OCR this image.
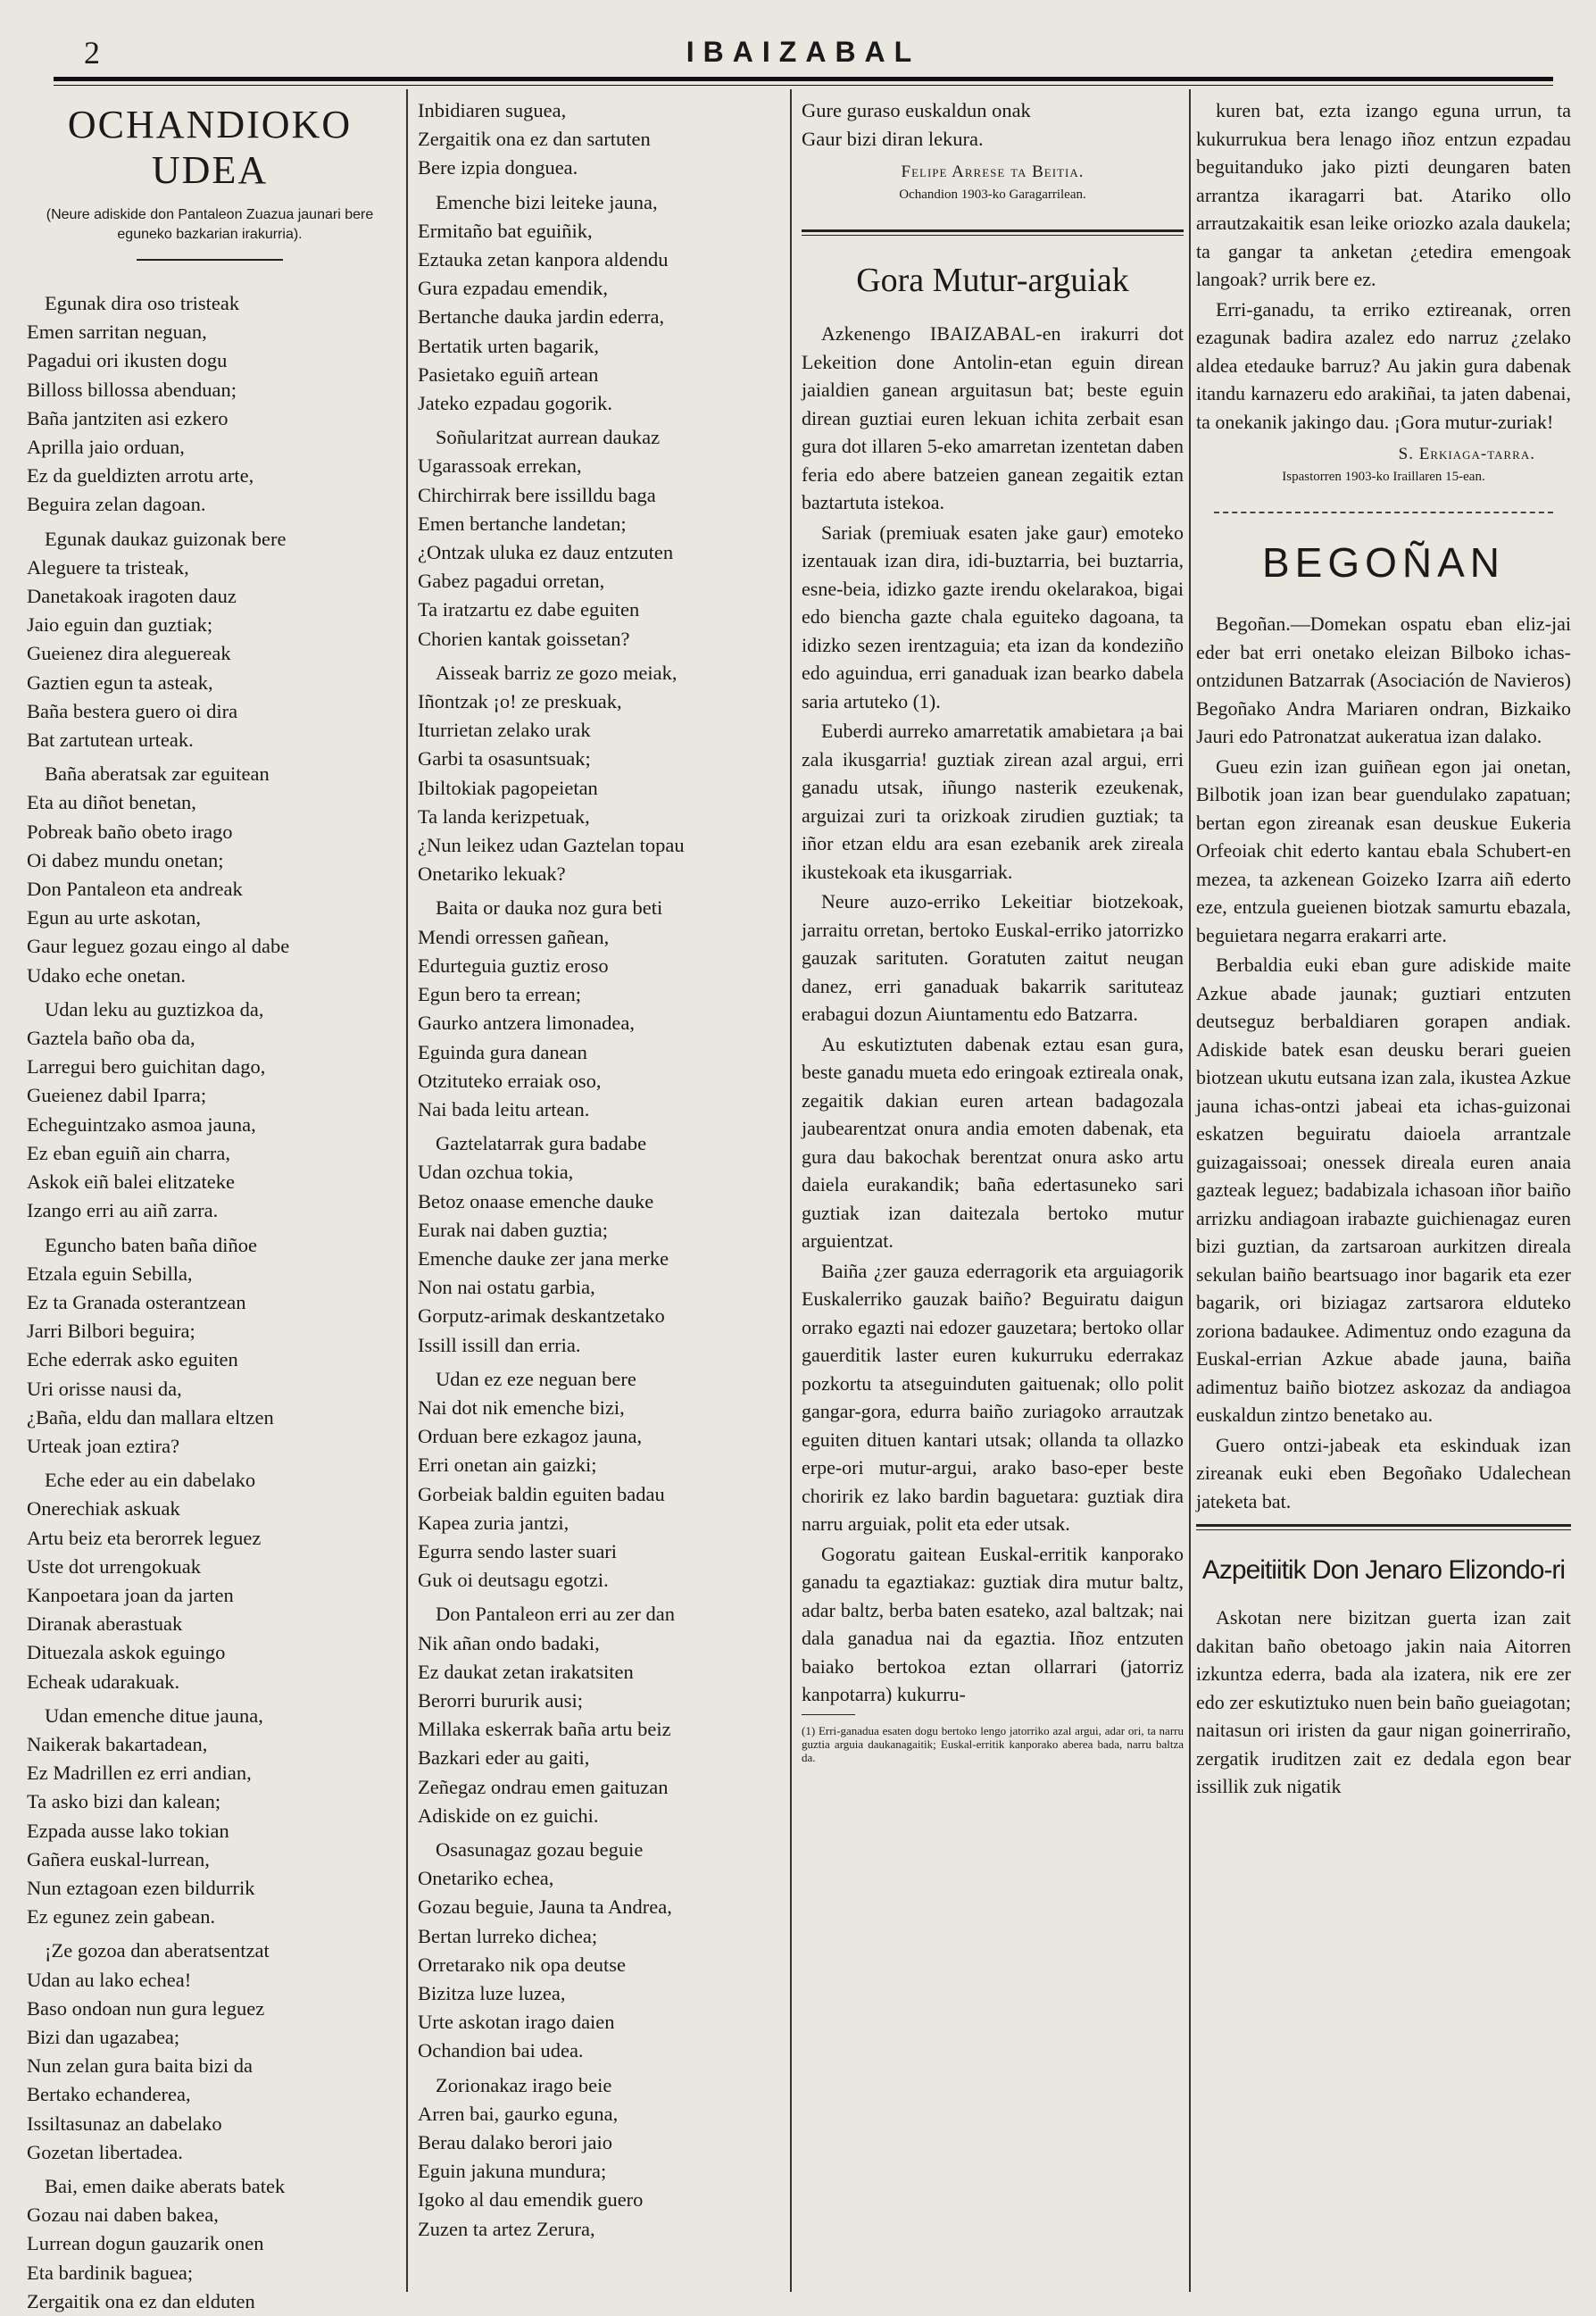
2	IBAIZABAL
OCHANDIOKO UDEA
(Neure adiskide don Pantaleon Zuazua jaunari bere eguneko bazkarian irakurria).

Egunak dira oso tristeak
Emen sarritan neguan,
Pagadui ori ikusten dogu
Billoss billossa abenduan;
Baña jantziten asi ezkero
Aprilla jaio orduan,
Ez da gueldizten arrotu arte,
Beguira zelan dagoan.

Egunak daukaz guizonak bere
Aleguere ta tristeak,
Danetakoak iragoten dauz
Jaio eguin dan guztiak;
Gueienez dira aleguereak
Gaztien egun ta asteak,
Baña bestera guero oi dira
Bat zartutean urteak.

Baña aberatsak zar eguitean
Eta au diñot benetan,
Pobreak baño obeto irago
Oi dabez mundu onetan;
Don Pantaleon eta andreak
Egun au urte askotan,
Gaur leguez gozau eingo al dabe
Udako eche onetan.

Udan leku au guztizkoa da,
Gaztela baño oba da,
Larregui bero guichitan dago,
Gueienez dabil Iparra;
Echeguintzako asmoa jauna,
Ez eban eguiñ ain charra,
Askok eiñ balei elitzateke
Izango erri au aiñ zarra.

Eguncho baten baña diñoe
Etzala eguin Sebilla,
Ez ta Granada osterantzean
Jarri Bilbori beguira;
Eche ederrak asko eguiten
Uri orisse nausi da,
¿Baña, eldu dan mallara eltzen
Urteak joan eztira?

Eche eder au ein dabelako
Onerechiak askuak
Artu beiz eta berorrek leguez
Uste dot urrengokuak
Kanpoetara joan da jarten
Diranak aberastuak
Dituezala askok eguingo
Echeak udarakuak.

Udan emenche ditue jauna,
Naikerak bakartadean,
Ez Madrillen ez erri andian,
Ta asko bizi dan kalean;
Ezpada ausse lako tokian
Gañera euskal-lurrean,
Nun eztagoan ezen bildurrik
Ez egunez zein gabean.

¡Ze gozoa dan aberatsentzat
Udan au lako echea!
Baso ondoan nun gura leguez
Bizi dan ugazabea;
Nun zelan gura baita bizi da
Bertako echanderea,
Issiltasunaz an dabelako
Gozetan libertadea.

Bai, emen daike aberats batek
Gozau nai daben bakea,
Lurrean dogun gauzarik onen
Eta bardinik baguea;
Zergaitik ona ez dan elduten

Inbidiaren suguea,
Zergaitik ona ez dan sartuten
Bere izpia donguea.

Emenche bizi leiteke jauna,
Ermitaño bat eguiñik,
Eztauka zetan kanpora aldendu
Gura ezpadau emendik,
Bertanche dauka jardin ederra,
Bertatik urten bagarik,
Pasietako eguiñ artean
Jateko ezpadau gogorik.

Soñularitzat aurrean daukaz
Ugarassoak errekan,
Chirchirrak bere issilldu baga
Emen bertanche landetan;
¿Ontzak uluka ez dauz entzuten
Gabez pagadui orretan,
Ta iratzartu ez dabe eguiten
Chorien kantak goissetan?

Aisseak barriz ze gozo meiak,
Iñontzak ¡o! ze preskuak,
Iturrietan zelako urak
Garbi ta osasuntsuak;
Ibiltokiak pagopeietan
Ta landa kerizpetuak,
¿Nun leikez udan Gaztelan topau
Onetariko lekuak?

Baita or dauka noz gura beti
Mendi orressen gañean,
Edurteguia guztiz eroso
Egun bero ta errean;
Gaurko antzera limonadea,
Eguinda gura danean
Otzituteko erraiak oso,
Nai bada leitu artean.

Gaztelatarrak gura badabe
Udan ozchua tokia,
Betoz onaase emenche dauke
Eurak nai daben guztia;
Emenche dauke zer jana merke
Non nai ostatu garbia,
Gorputz-arimak deskantzetako
Issill issill dan erria.

Udan ez eze neguan bere
Nai dot nik emenche bizi,
Orduan bere ezkagoz jauna,
Erri onetan ain gaizki;
Gorbeiak baldin eguiten badau
Kapea zuria jantzi,
Egurra sendo laster suari
Guk oi deutsagu egotzi.

Don Pantaleon erri au zer dan
Nik añan ondo badaki,
Ez daukat zetan irakatsiten
Berorri bururik ausi;
Millaka eskerrak baña artu beiz
Bazkari eder au gaiti,
Zeñegaz ondrau emen gaituzan
Adiskide on ez guichi.

Osasunagaz gozau beguie
Onetariko echea,
Gozau beguie, Jauna ta Andrea,
Bertan lurreko dichea;
Orretarako nik opa deutse
Bizitza luze luzea,
Urte askotan irago daien
Ochandion bai udea.

Zorionakaz irago beie
Arren bai, gaurko eguna,
Berau dalako berori jaio
Eguin jakuna mundura;
Igoko al dau emendik guero
Zuzen ta artez Zerura,

Gure guraso euskaldun onak
Gaur bizi diran lekura.

Felipe Arrese ta Beitia.
Ochandion 1903-ko Garagarrilean.
Gora Mutur-arguiak

Azkenengo IBAIZABAL-en irakurri dot Lekeition done Antolin-etan eguin direan jaialdien ganean arguitasun bat; beste eguin direan guztiai euren lekuan ichita zerbait esan gura dot illaren 5-eko amarretan izentetan daben feria edo abere batzeien ganean zegaitik eztan baztartuta istekoa.

Sariak (premiuak esaten jake gaur) emoteko izentauak izan dira, idi-buztarria, bei buztarria, esne-beia, idizko gazte irendu okelarakoa, bigai edo biencha gazte chala eguiteko dagoana, ta idizko sezen irentzaguia; eta izan da kondeziño edo aguindua, erri ganaduak izan bearko dabela saria artuteko (1).

Euberdi aurreko amarretatik amabietara ¡a bai zala ikusgarria! guztiak zirean azal argui, erri ganadu utsak, iñungo nasterik ezeukenak, arguizai zuri ta orizkoak zirudien guztiak; ta iñor etzan eldu ara esan ezebanik arek zireala ikustekoak eta ikusgarriak.

Neure auzo-erriko Lekeitiar biotzekoak, jarraitu orretan, bertoko Euskal-erriko jatorrizko gauzak sarituten. Goratuten zaitut neugan danez, erri ganaduak bakarrik sarituteaz erabagui dozun Aiuntamentu edo Batzarra.

Au eskutiztuten dabenak eztau esan gura, beste ganadu mueta edo eringoak eztireala onak, zegaitik dakian euren artean badagozala jaubearentzat onura andia emoten dabenak, eta gura dau bakochak berentzat onura asko artu daiela eurakandik; baña edertasuneko sari guztiak izan daitezala bertoko mutur arguientzat.

Baiña ¿zer gauza ederragorik eta arguiagorik Euskalerriko gauzak baiño? Beguiratu daigun orrako egazti nai edozer gauzetara; bertoko ollar gauerditik laster euren kukurruku ederrakaz pozkortu ta atseguinduten gaituenak; ollo polit gangar-gora, edurra baiño zuriagoko arrautzak eguiten dituen kantari utsak; ollanda ta ollazko erpe-ori mutur-argui, arako baso-eper beste choririk ez lako bardin baguetara: guztiak dira narru arguiak, polit eta eder utsak.

Gogoratu gaitean Euskal-erritik kanporako ganadu ta egaztiakaz: guztiak dira mutur baltz, adar baltz, berba baten esateko, azal baltzak; nai dala ganadua nai da egaztia. Iñoz entzuten baiako bertokoa eztan ollarrari (jatorriz kanpotarra) kukurru-

(1) Erri-ganadua esaten dogu bertoko lengo jatorriko azal argui, adar ori, ta narru guztia arguia daukanagaitik; Euskal-erritik kanporako aberea bada, narru baltza da.

kuren bat, ezta izango eguna urrun, ta kukurrukua bera lenago iñoz entzun ezpadau beguitanduko jako pizti deungaren baten arrantza ikaragarri bat. Atariko ollo arrautzakaitik esan leike oriozko azala daukela; ta gangar ta anketan ¿etedira emengoak langoak? urrik bere ez.

Erri-ganadu, ta erriko eztireanak, orren ezagunak badira azalez edo narruz ¿zelako aldea etedauke barruz? Au jakin gura dabenak itandu karnazeru edo arakiñai, ta jaten dabenai, ta onekanik jakingo dau. ¡Gora mutur-zuriak!

S. Erkiaga-tarra.
Ispastorren 1903-ko Iraillaren 15-ean.
BEGOÑAN

Begoñan.—Domekan ospatu eban eliz-jai eder bat erri onetako eleizan Bilboko ichas-ontzidunen Batzarrak (Asociación de Navieros) Begoñako Andra Mariaren ondran, Bizkaiko Jauri edo Patronatzat aukeratua izan dalako.

Gueu ezin izan guiñean egon jai onetan, Bilbotik joan izan bear guendulako zapatuan; bertan egon zireanak esan deuskue Eukeria Orfeoiak chit ederto kantau ebala Schubert-en mezea, ta azkenean Goizeko Izarra aiñ ederto eze, entzula gueienen biotzak samurtu ebazala, beguietara negarra erakarri arte.

Berbaldia euki eban gure adiskide maite Azkue abade jaunak; guztiari entzuten deutseguz berbaldiaren gorapen andiak. Adiskide batek esan deusku berari gueien biotzean ukutu eutsana izan zala, ikustea Azkue jauna ichas-ontzi jabeai eta ichas-guizonai eskatzen beguiratu daioela arrantzale guizagaissoai; onessek direala euren anaia gazteak leguez; badabizala ichasoan iñor baiño arrizku andiagoan irabazte guichienagaz euren bizi guztian, da zartsaroan aurkitzen direala sekulan baiño beartsuago inor bagarik eta ezer bagarik, ori biziagaz zartsarora elduteko zoriona badaukee. Adimentuz ondo ezaguna da Euskal-errian Azkue abade jauna, baiña adimentuz baiño biotzez askozaz da andiagoa euskaldun zintzo benetako au.

Guero ontzi-jabeak eta eskinduak izan zireanak euki eben Begoñako Udalechean jateketa bat.

Azpeitiitik Don Jenaro Elizondo-ri

Askotan nere bizitzan guerta izan zait dakitan baño obetoago jakin naia Aitorren izkuntza ederra, bada ala izatera, nik ere zer edo zer eskutiztuko nuen bein baño gueiagotan; naitasun ori iristen da gaur nigan goinerriraño, zergatik iruditzen zait ez dedala egon bear issillik zuk nigatik
